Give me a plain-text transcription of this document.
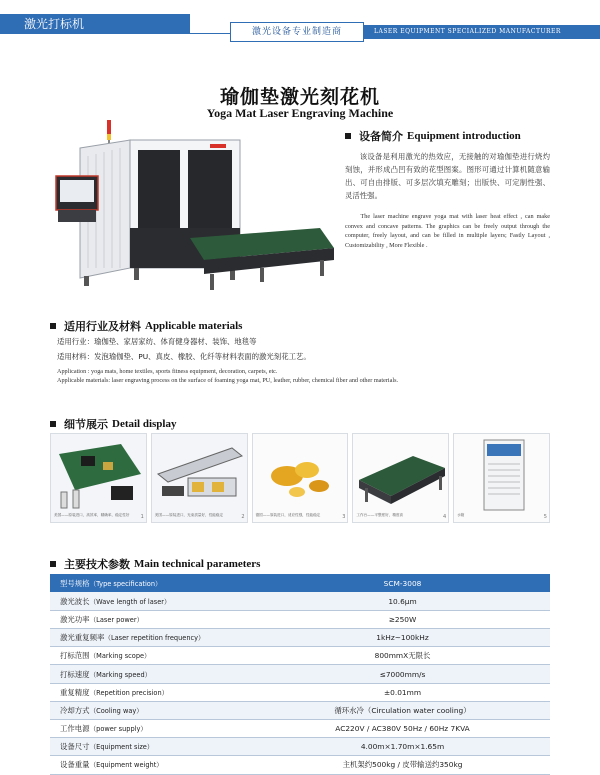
激光打标机
激光设备专业制造商	LASER EQUIPMENT SPECIALIZED MANUFACTURER
瑜伽垫激光刻花机
Yoga Mat Laser Engraving Machine
设备简介 Equipment introduction
该设备是利用激光的热效应，无接触的对瑜伽垫进行烧灼刻蚀，并形成凸凹有致的花型图案。图形可通过计算机随意输出、可自由排版、可多层次填充雕刻；出版快、可定制性强、灵活性强。
The laser machine engrave yoga mat with laser heat effect , can make convex and concave patterns. The graphics can be freely output through the computer, freely layout, and can be filled in multiple layers; Fastly Layout , Customizability , More Flexible .
适用行业及材料 Applicable materials
适用行业：瑜伽垫、家居家纺、体育健身器材、装饰、地毯等
适用材料：发泡瑜伽垫、PU、真皮、橡胶、化纤等材料表面的激光刻花工艺。
Application : yoga mats, home textiles, sports fitness equipment, decoration, carpets, etc.
Applicable materials: laser engraving process on the surface of foaming yoga mat, PU, leather, rubber, chemical fiber and other materials.
细节展示 Detail display
美国——原装进口，高效率，精确率，稳定性好 1	美国——原装进口，光束质量好，性能稳定	2	德国——原装进口，适应性强，性能稳定	3	工作台——平整度好，精度高	4	水箱	5
主要技术参数 Main technical parameters
型号规格（Type specification）	SCM-3008
激光波长（Wave length of laser）	10.6μm
激光功率（Laser power）	≥250W
激光重复频率（Laser repetition frequency）	1kHz~100kHz
打标范围（Marking scope）	800mmX无限长
打标速度（Marking speed）	≤7000mm/s
重复精度（Repetition precision）	±0.01mm
冷却方式（Cooling way）	循环水冷（Circulation water cooling）
工作电源（power supply）	AC220V / AC380V 50Hz / 60Hz 7KVA
设备尺寸（Equipment size）	4.00m×1.70m×1.65m
设备重量（Equipment weight）	主机架约500kg / 皮带输送约350kg
